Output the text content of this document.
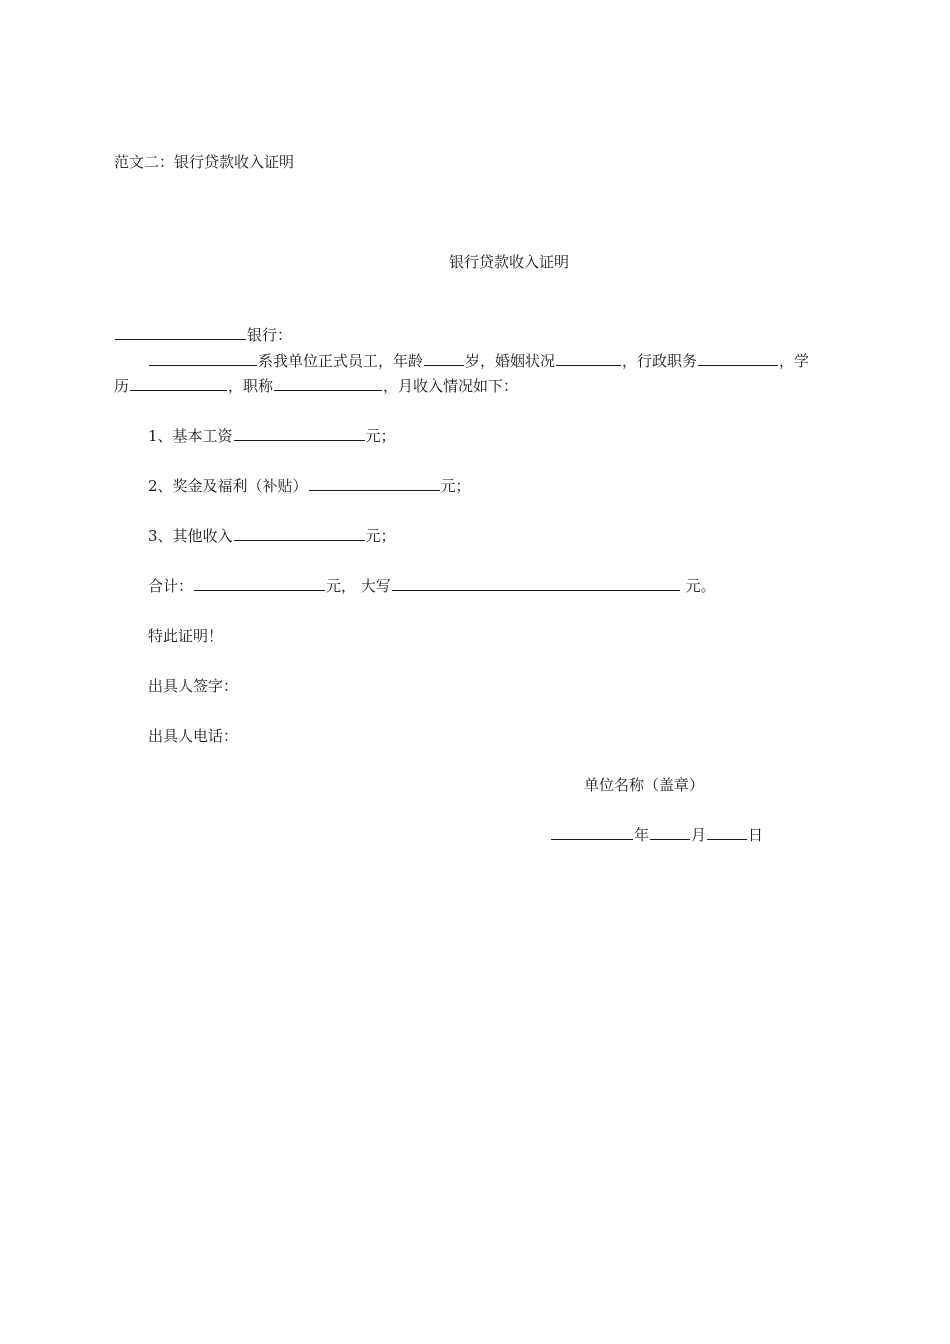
范文二：银行贷款收入证明
银行贷款收入证明
银行：
系我单位正式员工，年龄	岁，婚姻状况	，行政职务	，学
历	，职称	，月收入情况如下：
1、基本工资	元；
2、奖金及福利（补贴）	元；
3、其他收入	元；
合计：	元， 大写	元。
特此证明！
出具人签字：
出具人电话：
单位名称（盖章）
年	月	日
